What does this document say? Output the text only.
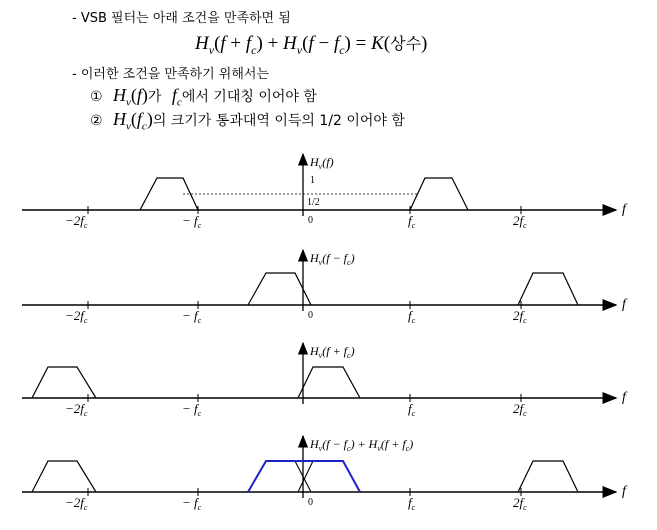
- VSB 필터는 아래 조건을 만족하면 됨
$H_v(f + f_c) + H_v(f - f_c) = K$(상수)
- 이러한 조건을 만족하기 위해서는
① $H_v(f)$가 $f_c$에서 기대칭 이어야 함
② $H_v(f_c)$의 크기가 통과대역 이득의 1/2 이어야 함
$H_v(f)$
1
1/2
$-2f_c$	− $f_c$	0	$f_c$	$2f_c$
f
$H_v(f - f_c)$
$-2f_c$	− $f_c$	0	$f_c$	$2f_c$
f
$H_v(f + f_c)$
$-2f_c$	− $f_c$	$f_c$	$2f_c$
f
$H_v(f - f_c) + H_v(f + f_c)$
$-2f_c$	− $f_c$	0	$f_c$	$2f_c$
f
